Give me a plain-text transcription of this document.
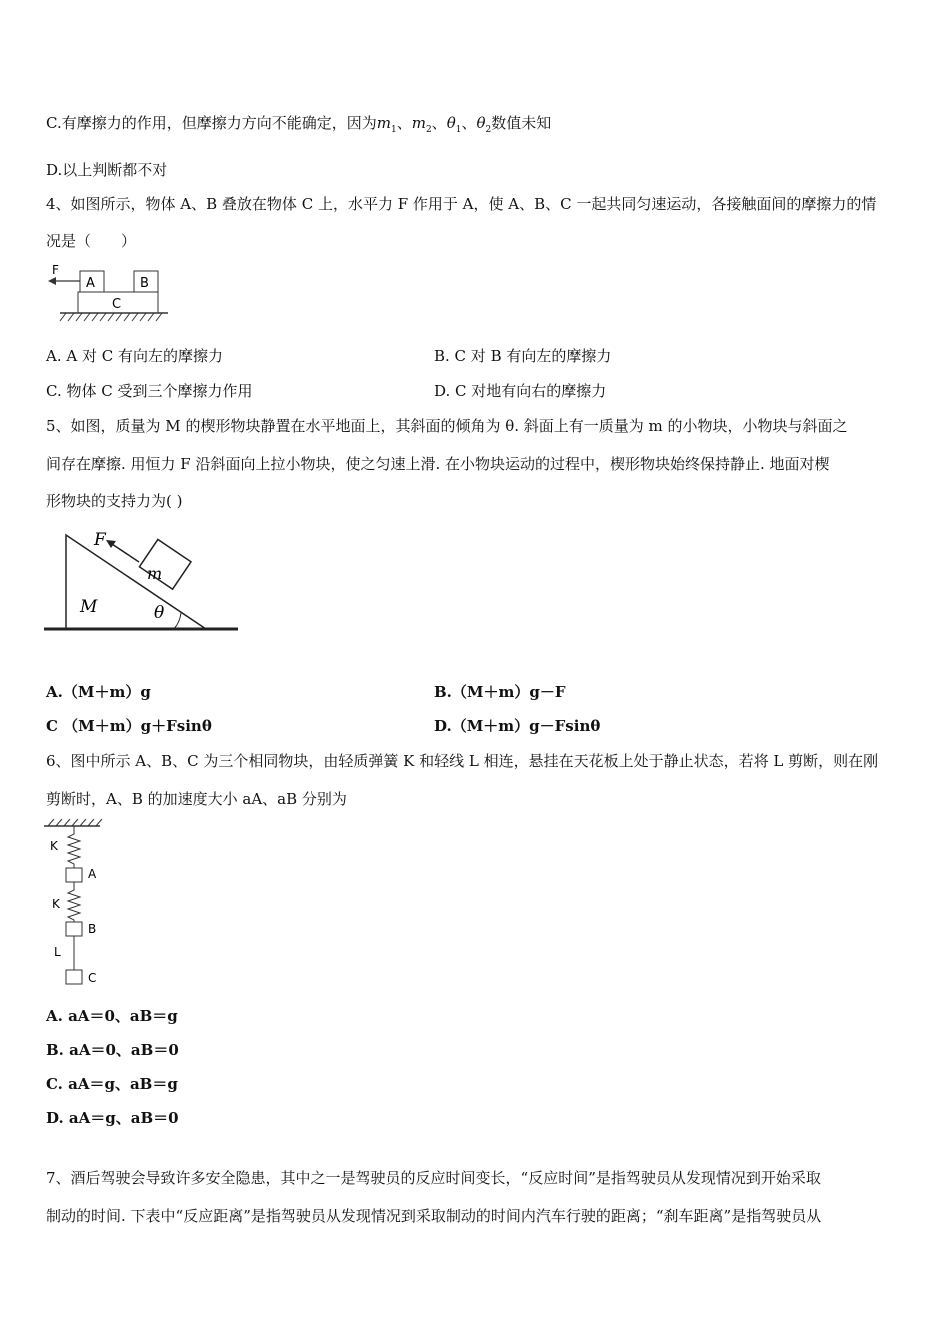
C.有摩擦力的作用，但摩擦力方向不能确定，因为$m_1$、$m_2$、$\theta_1$、$\theta_2$数值未知
D.以上判断都不对
4、如图所示，物体 A、B 叠放在物体 C 上，水平力 F 作用于 A，使 A、B、C 一起共同匀速运动，各接触面间的摩擦力的情
况是（　　）
F
A	B
C
A. A 对 C 有向左的摩擦力	B. C 对 B 有向左的摩擦力
C. 物体 C 受到三个摩擦力作用	D. C 对地有向右的摩擦力
5、如图，质量为 M 的楔形物块静置在水平地面上，其斜面的倾角为 θ. 斜面上有一质量为 m 的小物块，小物块与斜面之
间存在摩擦. 用恒力 F 沿斜面向上拉小物块，使之匀速上滑. 在小物块运动的过程中，楔形物块始终保持静止. 地面对楔
形物块的支持力为( )
F
m
M	θ
A.（M＋m）g	B.（M＋m）g－F
C （M＋m）g＋Fsinθ	D.（M＋m）g－Fsinθ
6、图中所示 A、B、C 为三个相同物块，由轻质弹簧 K 和轻线 L 相连，悬挂在天花板上处于静止状态，若将 L 剪断，则在刚
剪断时，A、B 的加速度大小 aA、aB 分别为
K
A
K
B
L
C
A. aA＝0、aB＝g
B. aA＝0、aB＝0
C. aA＝g、aB＝g
D. aA＝g、aB＝0
7、酒后驾驶会导致许多安全隐患，其中之一是驾驶员的反应时间变长，“反应时间”是指驾驶员从发现情况到开始采取
制动的时间. 下表中“反应距离”是指驾驶员从发现情况到采取制动的时间内汽车行驶的距离；“刹车距离”是指驾驶员从
